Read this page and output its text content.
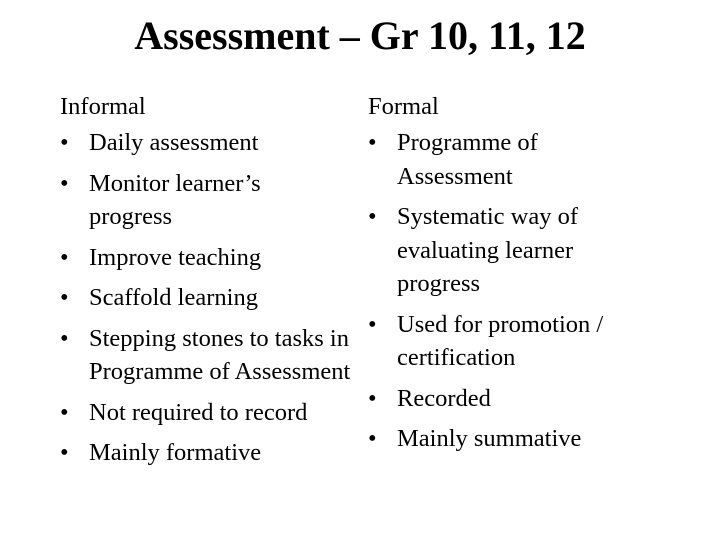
Assessment – Gr 10, 11, 12
Informal
• Daily assessment
• Monitor learner’s progress
• Improve teaching
• Scaffold learning
• Stepping stones to tasks in Programme of Assessment
• Not required to record
• Mainly formative
Formal
• Programme of Assessment
• Systematic way of evaluating learner progress
• Used for promotion / certification
• Recorded
• Mainly summative
